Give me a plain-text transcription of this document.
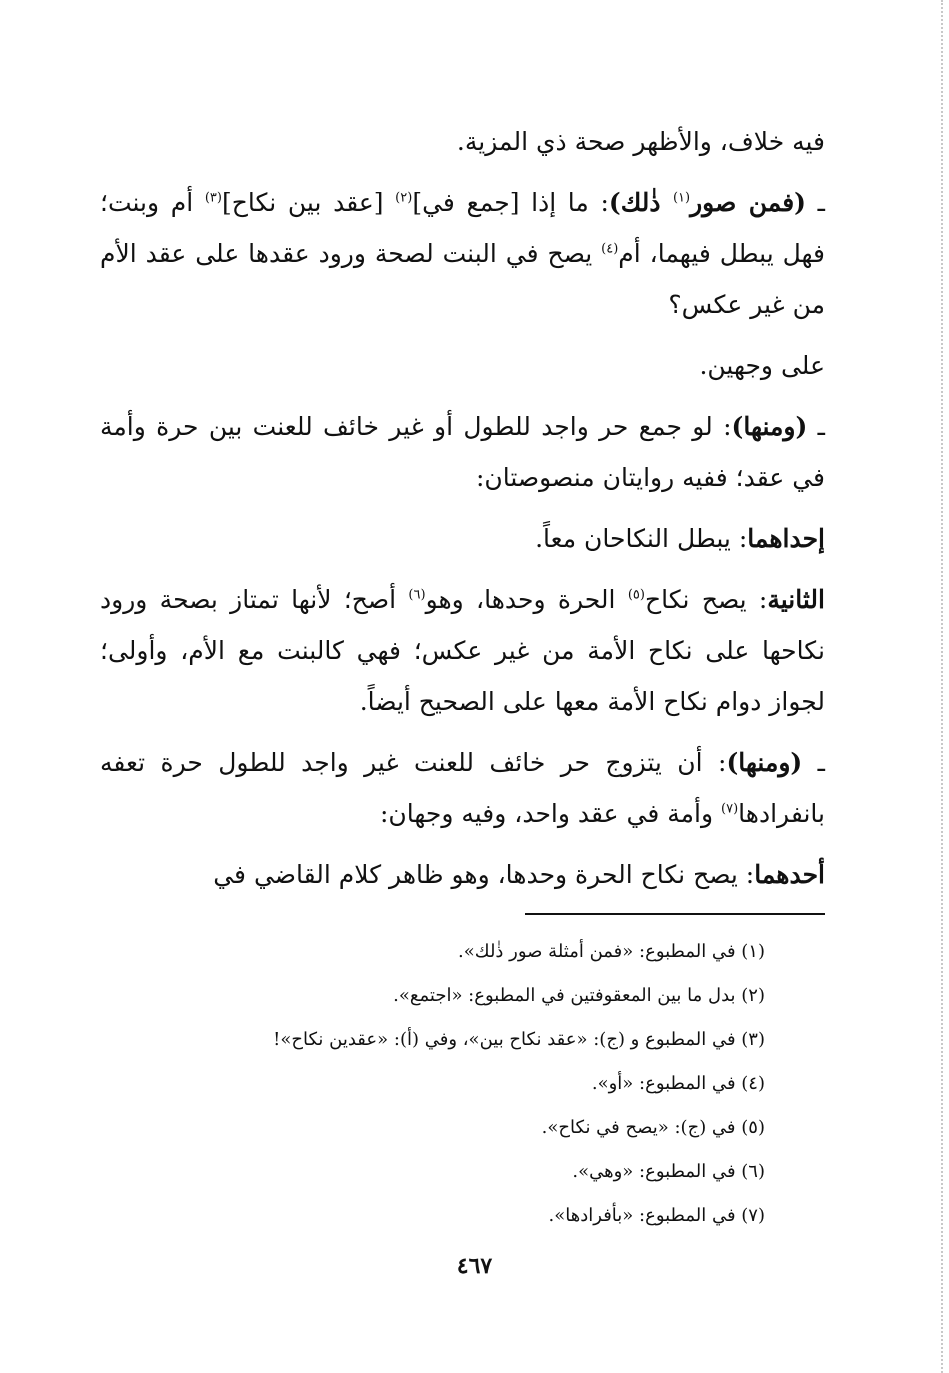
فيه خلاف، والأظهر صحة ذي المزية.

ـ (فمن صور$^{(١)}$ ذٰلك): ما إذا [جمع في]$^{(٢)}$ [عقد بين نكاح]$^{(٣)}$ أم وبنت؛ فهل يبطل فيهما، أم$^{(٤)}$ يصح في البنت لصحة ورود عقدها على عقد الأم من غير عكس؟

على وجهين.

ـ (ومنها): لو جمع حر واجد للطول أو غير خائف للعنت بين حرة وأمة في عقد؛ ففيه روايتان منصوصتان:

إحداهما: يبطل النكاحان معاً.

الثانية: يصح نكاح$^{(٥)}$ الحرة وحدها، وهو$^{(٦)}$ أصح؛ لأنها تمتاز بصحة ورود نكاحها على نكاح الأمة من غير عكس؛ فهي كالبنت مع الأم، وأولى؛ لجواز دوام نكاح الأمة معها على الصحيح أيضاً.

ـ (ومنها): أن يتزوج حر خائف للعنت غير واجد للطول حرة تعفه بانفرادها$^{(٧)}$ وأمة في عقد واحد، وفيه وجهان:

أحدهما: يصح نكاح الحرة وحدها، وهو ظاهر كلام القاضي في

(١) في المطبوع: «فمن أمثلة صور ذٰلك».
(٢) بدل ما بين المعقوفتين في المطبوع: «اجتمع».
(٣) في المطبوع و (ج): «عقد نكاح بين»، وفي (أ): «عقدين نكاح»!
(٤) في المطبوع: «أو».
(٥) في (ج): «يصح في نكاح».
(٦) في المطبوع: «وهي».
(٧) في المطبوع: «بأفرادها».
٤٦٧
